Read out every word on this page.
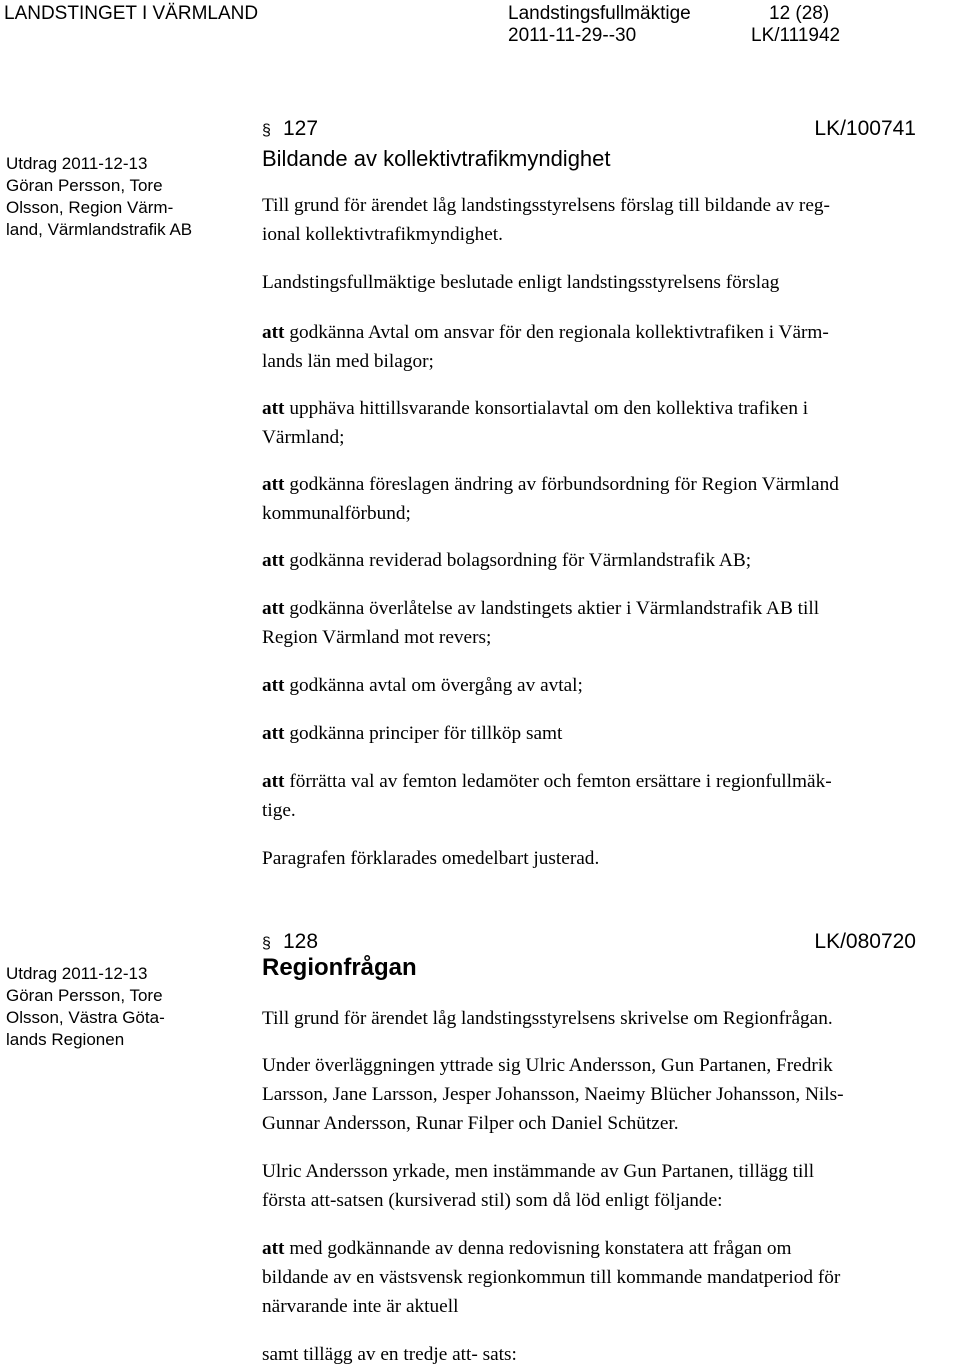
LANDSTINGET I VÄRMLAND	Landstingsfullmäktige	12 (28)
2011-11-29--30	LK/111942
Utdrag 2011-12-13
Göran Persson, Tore
Olsson, Region Värm-
land, Värmlandstrafik AB
§ 127	LK/100741
Bildande av kollektivtrafikmyndighet
Till grund för ärendet låg landstingsstyrelsens förslag till bildande av reg-
ional kollektivtrafikmyndighet.
Landstingsfullmäktige beslutade enligt landstingsstyrelsens förslag
att godkänna Avtal om ansvar för den regionala kollektivtrafiken i Värm-
lands län med bilagor;
att upphäva hittillsvarande konsortialavtal om den kollektiva trafiken i
Värmland;
att godkänna föreslagen ändring av förbundsordning för Region Värmland
kommunalförbund;
att godkänna reviderad bolagsordning för Värmlandstrafik AB;
att godkänna överlåtelse av landstingets aktier i Värmlandstrafik AB till
Region Värmland mot revers;
att godkänna avtal om övergång av avtal;
att godkänna principer för tillköp samt
att förrätta val av femton ledamöter och femton ersättare i regionfullmäk-
tige.
Paragrafen förklarades omedelbart justerad.
Utdrag 2011-12-13
Göran Persson, Tore
Olsson, Västra Göta-
lands Regionen
§ 128	LK/080720
Regionfrågan
Till grund för ärendet låg landstingsstyrelsens skrivelse om Regionfrågan.
Under överläggningen yttrade sig Ulric Andersson, Gun Partanen, Fredrik
Larsson, Jane Larsson, Jesper Johansson, Naeimy Blücher Johansson, Nils-
Gunnar Andersson, Runar Filper och Daniel Schützer.
Ulric Andersson yrkade, men instämmande av Gun Partanen, tillägg till
första att-satsen (kursiverad stil) som då löd enligt följande:
att med godkännande av denna redovisning konstatera att frågan om
bildande av en västsvensk regionkommun till kommande mandatperiod för
närvarande inte är aktuell
samt tillägg av en tredje att- sats:
